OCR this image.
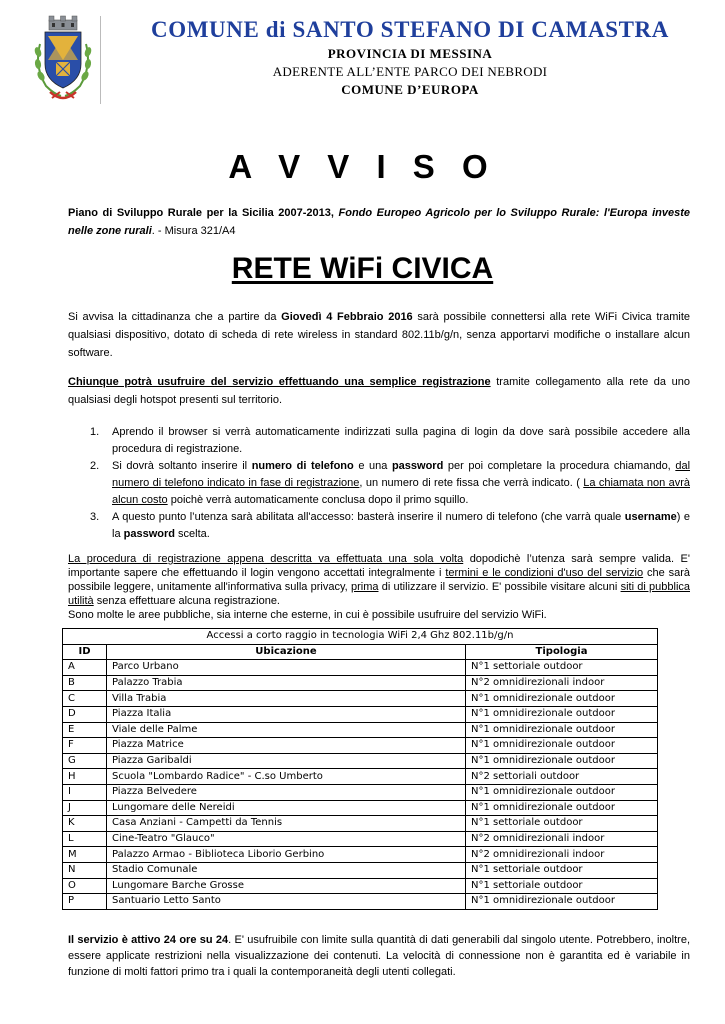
COMUNE di SANTO STEFANO DI CAMASTRA
PROVINCIA DI MESSINA
ADERENTE ALL’ENTE PARCO DEI NEBRODI
COMUNE D’EUROPA
A V V I S O
Piano di Sviluppo Rurale per la Sicilia 2007-2013, Fondo Europeo Agricolo per lo Sviluppo Rurale: l'Europa investe nelle zone rurali. - Misura 321/A4
RETE WiFi CIVICA
Si avvisa la cittadinanza che a partire da Giovedì 4 Febbraio 2016 sarà possibile connettersi alla rete WiFi Civica tramite qualsiasi dispositivo, dotato di scheda di rete wireless in standard 802.11b/g/n, senza apportarvi modifiche o installare alcun software.
Chiunque potrà usufruire del servizio effettuando una semplice registrazione tramite collegamento alla rete da uno qualsiasi degli hotspot presenti sul territorio.
1.	Aprendo il browser si verrà automaticamente indirizzati sulla pagina di login da dove sarà possibile accedere alla procedura di registrazione.
2.	Si dovrà soltanto inserire il numero di telefono e una password per poi completare la procedura chiamando, dal numero di telefono indicato in fase di registrazione, un numero di rete fissa che verrà indicato. ( La chiamata non avrà alcun costo poichè verrà automaticamente conclusa dopo il primo squillo.
3.	A questo punto l’utenza sarà abilitata all'accesso: basterà inserire il numero di telefono (che varrà quale username) e la password scelta.
La procedura di registrazione appena descritta va effettuata una sola volta dopodichè l’utenza sarà sempre valida. E' importante sapere che effettuando il login vengono accettati integralmente i termini e le condizioni d'uso del servizio che sarà possibile leggere, unitamente all'informativa sulla privacy, prima di utilizzare il servizio. E' possibile visitare alcuni siti di pubblica utilità senza effettuare alcuna registrazione.
Sono molte le aree pubbliche, sia interne che esterne, in cui è possibile usufruire del servizio WiFi.
Accessi a corto raggio in tecnologia WiFi 2,4 Ghz 802.11b/g/n		
ID	Ubicazione	Tipologia
A	Parco Urbano	N°1 settoriale outdoor
B	Palazzo Trabia	N°2 omnidirezionali indoor
C	Villa Trabia	N°1 omnidirezionale outdoor
D	Piazza Italia	N°1 omnidirezionale outdoor
E	Viale delle Palme	N°1 omnidirezionale outdoor
F	Piazza Matrice	N°1 omnidirezionale outdoor
G	Piazza Garibaldi	N°1 omnidirezionale outdoor
H	Scuola "Lombardo Radice" - C.so Umberto	N°2 settoriali outdoor
I	Piazza Belvedere	N°1 omnidirezionale outdoor
J	Lungomare delle Nereidi	N°1 omnidirezionale outdoor
K	Casa Anziani - Campetti da Tennis	N°1 settoriale outdoor
L	Cine-Teatro "Glauco"	N°2 omnidirezionali indoor
M	Palazzo Armao - Biblioteca Liborio Gerbino	N°2 omnidirezionali indoor
N	Stadio Comunale	N°1 settoriale outdoor
O	Lungomare Barche Grosse	N°1 settoriale outdoor
P	Santuario Letto Santo	N°1 omnidirezionale outdoor
Il servizio è attivo 24 ore su 24. E' usufruibile con limite sulla quantità di dati generabili dal singolo utente. Potrebbero, inoltre, essere applicate restrizioni nella visualizzazione dei contenuti. La velocità di connessione non è garantita ed è variabile in funzione di molti fattori primo tra i quali la contemporaneità degli utenti collegati.
